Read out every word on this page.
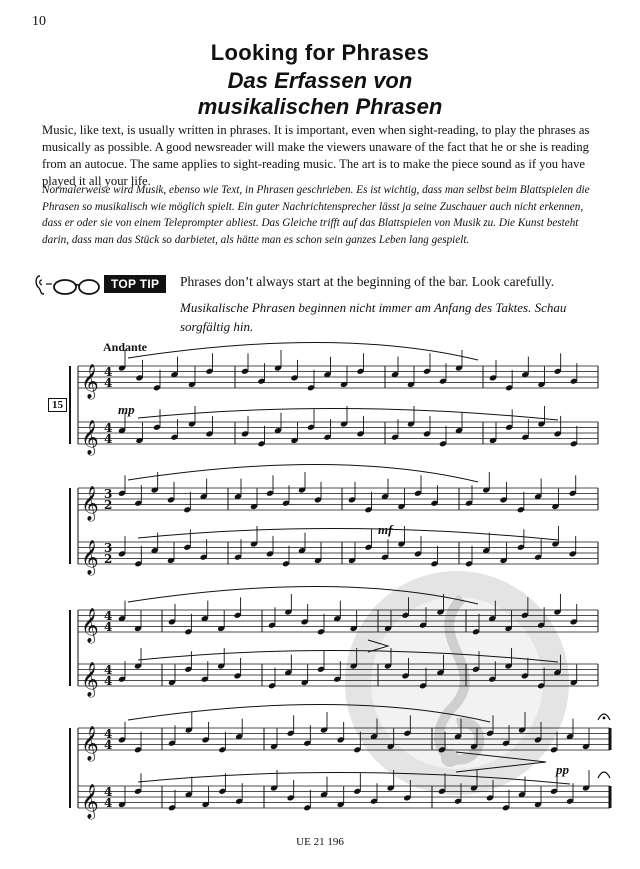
10
Looking for Phrases
Das Erfassen von
musikalischen Phrasen
Music, like text, is usually written in phrases. It is important, even when sight-reading, to play the phrases as musically as possible. A good newsreader will make the viewers unaware of the fact that he or she is reading from an autocue. The same applies to sight-reading music. The art is to make the piece sound as if you have played it all your life.
Normalerweise wird Musik, ebenso wie Text, in Phrasen geschrieben. Es ist wichtig, dass man selbst beim Blattspielen die Phrasen so musikalisch wie möglich spielt. Ein guter Nachrichtensprecher lässt ja seine Zuschauer auch nicht erkennen, dass er oder sie von einem Teleprompter abliest. Das Gleiche trifft auf das Blattspielen von Musik zu. Die Kunst besteht darin, dass man das Stück so darbietet, als hätte man es schon sein ganzes Leben lang gespielt.
TOP TIP	Phrases don’t always start at the beginning of the bar. Look carefully.
Musikalische Phrasen beginnen nicht immer am Anfang des Taktes. Schau sorgfältig hin.
Andante
15	mp
mf
pp
𝄞 4
4
𝄞 4
4
𝄞 3
2
𝄞 3
2
𝄞 4
4
𝄞 4
4
𝄞 4
4
𝄞 4
4
UE 21 196
